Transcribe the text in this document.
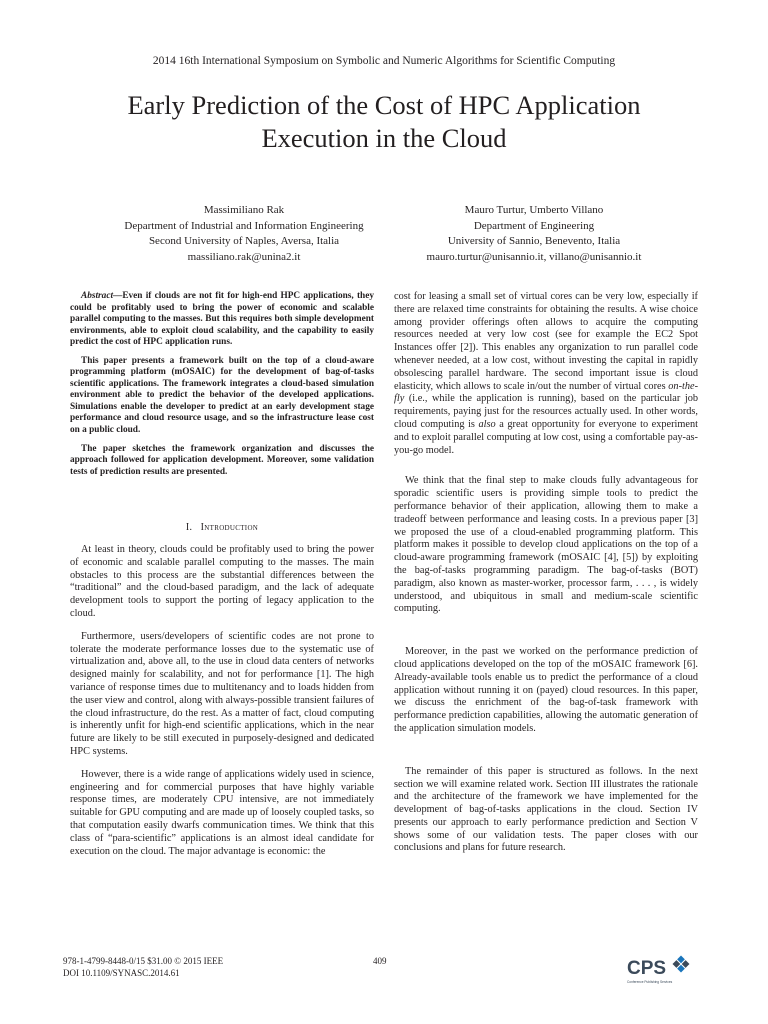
2014 16th International Symposium on Symbolic and Numeric Algorithms for Scientific Computing
Early Prediction of the Cost of HPC Application
Execution in the Cloud
Massimiliano Rak
Department of Industrial and Information Engineering
Second University of Naples, Aversa, Italia
massiliano.rak@unina2.it
Mauro Turtur, Umberto Villano
Department of Engineering
University of Sannio, Benevento, Italia
mauro.turtur@unisannio.it, villano@unisannio.it

Abstract—Even if clouds are not fit for high-end HPC applications, they could be profitably used to bring the power of economic and scalable parallel computing to the masses. But this requires both simple development environments, able to exploit cloud scalability, and the capability to easily predict the cost of HPC application runs.

This paper presents a framework built on the top of a cloud-aware programming platform (mOSAIC) for the development of bag-of-tasks scientific applications. The framework integrates a cloud-based simulation environment able to predict the behavior of the developed applications. Simulations enable the developer to predict at an early development stage performance and cloud resource usage, and so the infrastructure lease cost on a public cloud.

The paper sketches the framework organization and discusses the approach followed for application development. Moreover, some validation tests of prediction results are presented.

I. Introduction

At least in theory, clouds could be profitably used to bring the power of economic and scalable parallel computing to the masses. The main obstacles to this process are the substantial differences between the “traditional” and the cloud-based paradigm, and the lack of adequate development tools to support the porting of legacy application to the cloud.

Furthermore, users/developers of scientific codes are not prone to tolerate the moderate performance losses due to the systematic use of virtualization and, above all, to the use in cloud data centers of networks designed mainly for scalability, and not for performance [1]. The high variance of response times due to multitenancy and to loads hidden from the user view and control, along with always-possible transient failures of the cloud infrastructure, do the rest. As a matter of fact, cloud computing is inherently unfit for high-end scientific applications, which in the near future are likely to be still executed in purposely-designed and dedicated HPC systems.

However, there is a wide range of applications widely used in science, engineering and for commercial purposes that have highly variable response times, are moderately CPU intensive, are not immediately suitable for GPU computing and are made up of loosely coupled tasks, so that computation easily dwarfs communication times. We think that this class of “para-scientific” applications is an almost ideal candidate for execution on the cloud. The major advantage is economic: the

cost for leasing a small set of virtual cores can be very low, especially if there are relaxed time constraints for obtaining the results. A wise choice among provider offerings often allows to acquire the computing resources needed at very low cost (see for example the EC2 Spot Instances offer [2]). This enables any organization to run parallel code whenever needed, at a low cost, without investing the capital in rapidly obsolescing parallel hardware. The second important issue is cloud elasticity, which allows to scale in/out the number of virtual cores on-the-fly (i.e., while the application is running), based on the particular job requirements, paying just for the resources actually used. In other words, cloud computing is also a great opportunity for everyone to experiment and to exploit parallel computing at low cost, using a comfortable pay-as-you-go model.

We think that the final step to make clouds fully advantageous for sporadic scientific users is providing simple tools to predict the performance behavior of their application, allowing them to make a tradeoff between performance and leasing costs. In a previous paper [3] we proposed the use of a cloud-enabled programming platform. This platform makes it possible to develop cloud applications on the top of a cloud-aware programming framework (mOSAIC [4], [5]) by exploiting the bag-of-tasks programming paradigm. The bag-of-tasks (BOT) paradigm, also known as master-worker, processor farm, . . . , is widely understood, and ubiquitous in small and medium-scale scientific computing.

Moreover, in the past we worked on the performance prediction of cloud applications developed on the top of the mOSAIC framework [6]. Already-available tools enable us to predict the performance of a cloud application without running it on (payed) cloud resources. In this paper, we discuss the enrichment of the bag-of-task framework with performance prediction capabilities, allowing the automatic generation of the application simulation models.

The remainder of this paper is structured as follows. In the next section we will examine related work. Section III illustrates the rationale and the architecture of the framework we have implemented for the development of bag-of-tasks applications in the cloud. Section IV presents our approach to early performance prediction and Section V shows some of our validation tests. The paper closes with our conclusions and plans for future research.

978-1-4799-8448-0/15 $31.00 © 2015 IEEE
DOI 10.1109/SYNASC.2014.61
409	CPS
Conference Publishing Services
